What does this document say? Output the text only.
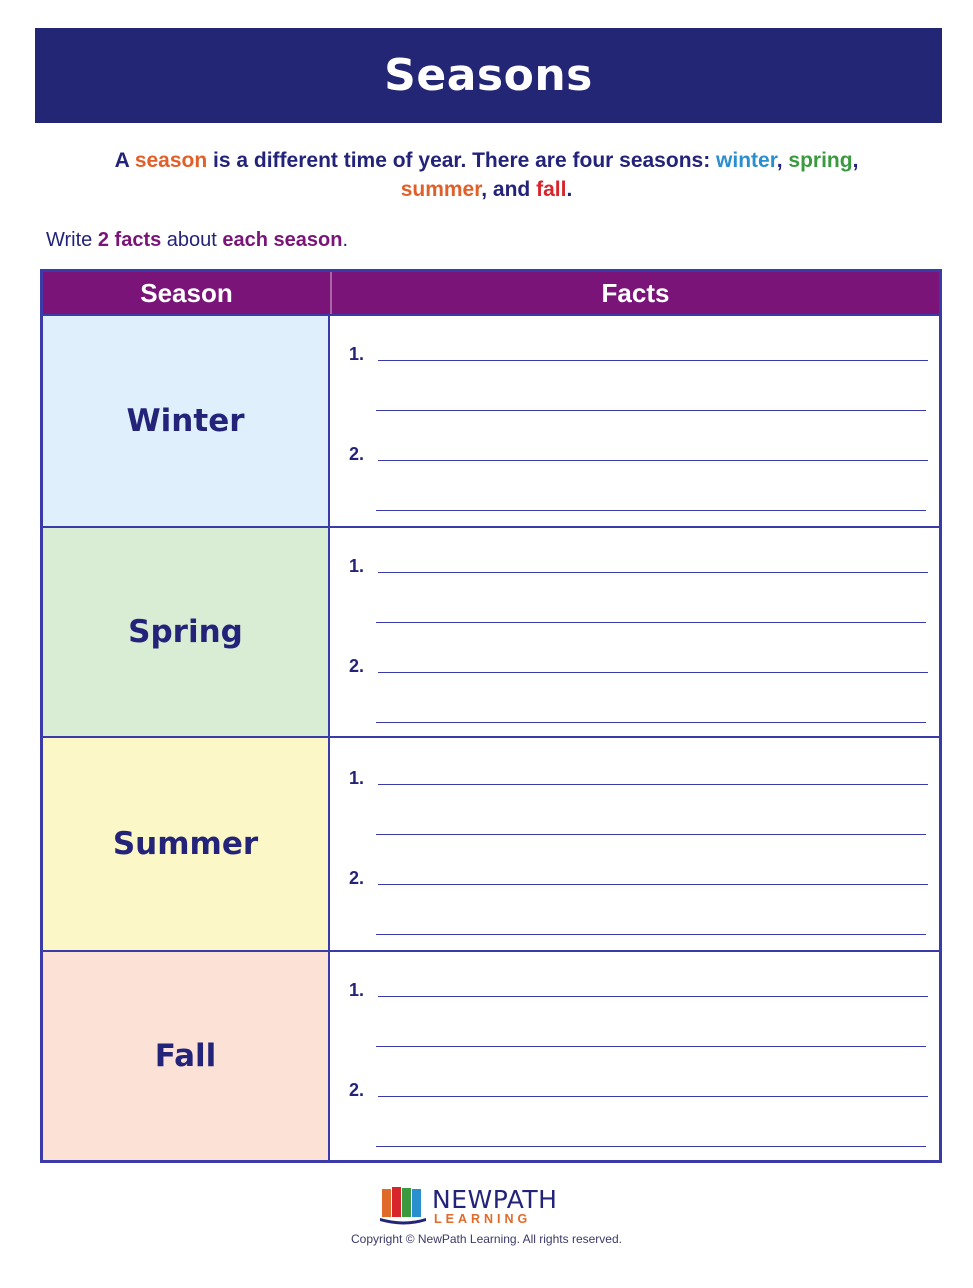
Seasons
A season is a different time of year. There are four seasons: winter, spring,
summer, and fall.
Write 2 facts about each season.
Season	Facts
Winter
1.
2.
Spring
1.
2.
Summer
1.
2.
Fall
1.
2.
NEWPATH
LEARNING
Copyright © NewPath Learning. All rights reserved.
